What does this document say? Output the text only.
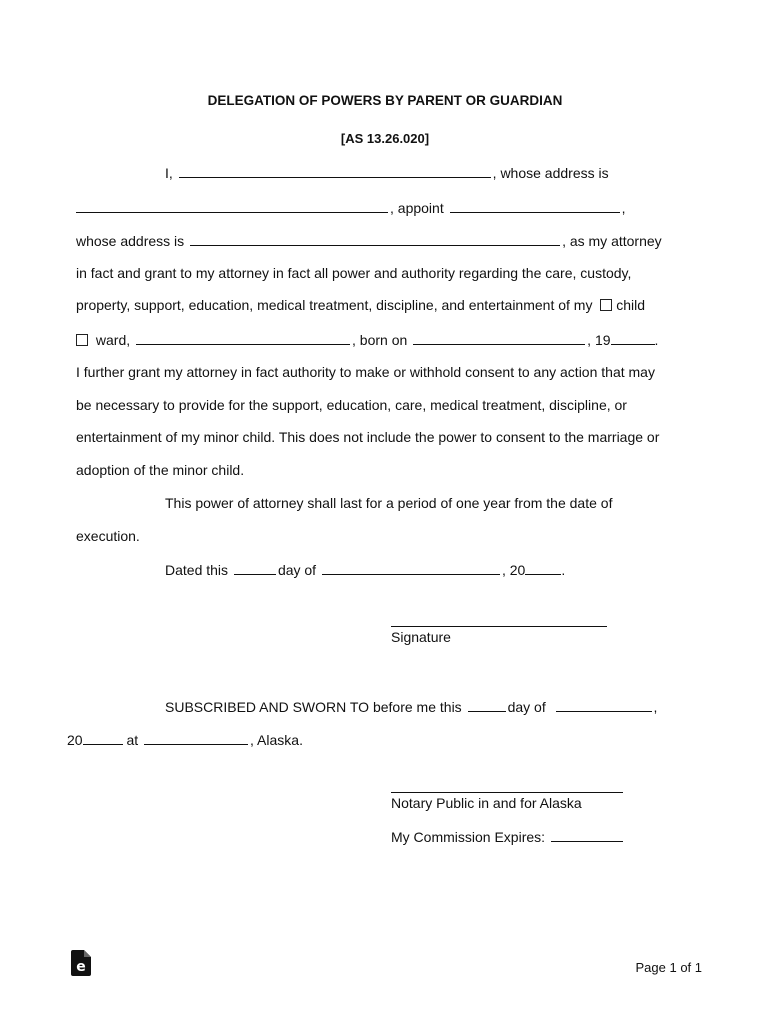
DELEGATION OF POWERS BY PARENT OR GUARDIAN
[AS 13.26.020]
I,	, whose address is
, appoint	,
whose address is	, as my attorney
in fact and grant to my attorney in fact all power and authority regarding the care, custody,
property, support, education, medical treatment, discipline, and entertainment of my child
ward,	, born on	, 19	.
I further grant my attorney in fact authority to make or withhold consent to any action that may
be necessary to provide for the support, education, care, medical treatment, discipline, or
entertainment of my minor child. This does not include the power to consent to the marriage or
adoption of the minor child.
This power of attorney shall last for a period of one year from the date of
execution.
Dated this	day of	, 20	.
Signature
SUBSCRIBED AND SWORN TO before me this	day of	,
20	at	, Alaska.
Notary Public in and for Alaska
My Commission Expires:
e	Page 1 of 1
